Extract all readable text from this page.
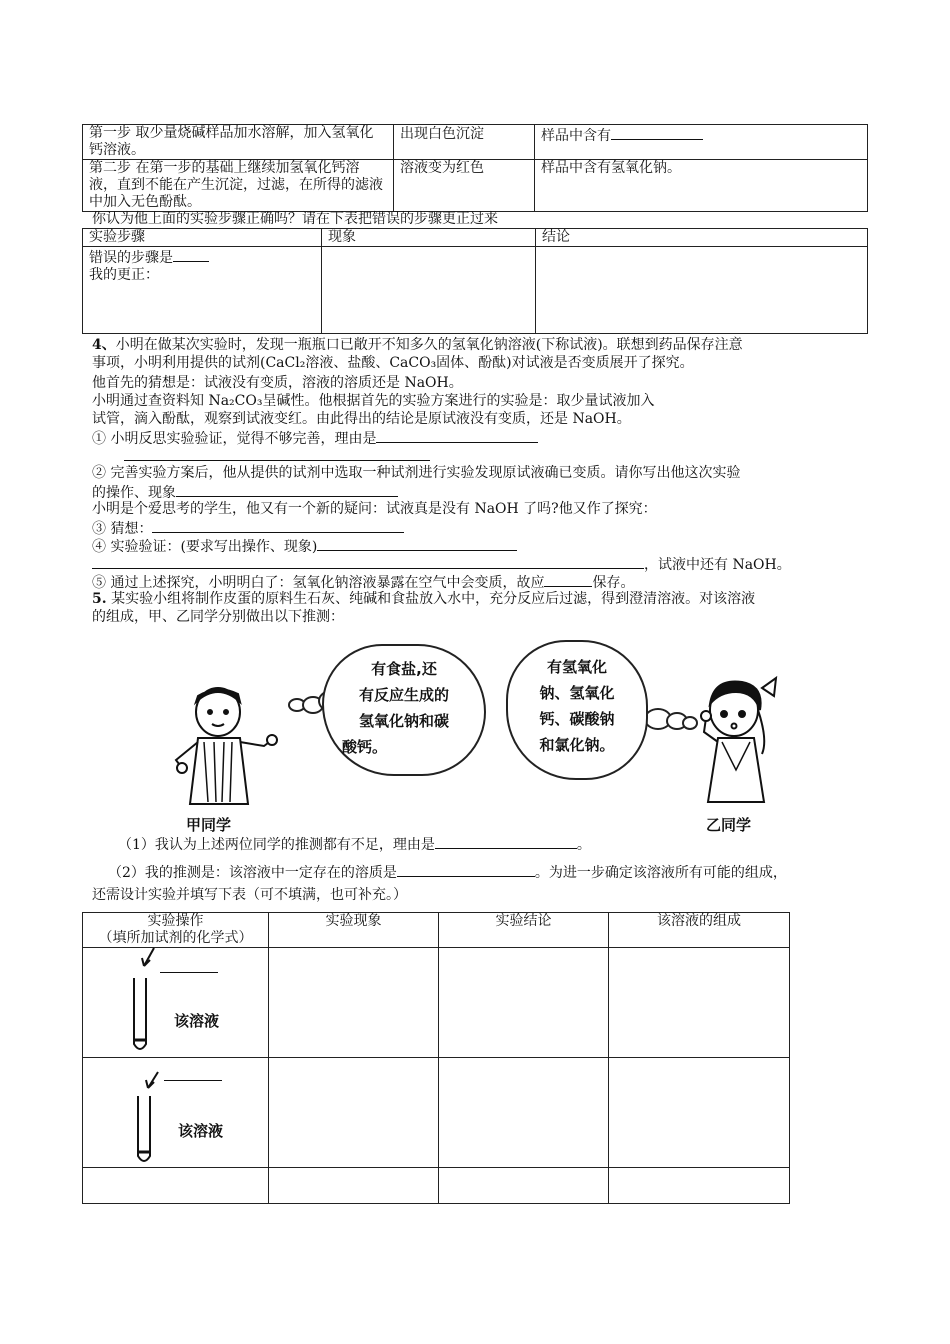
第一步 取少量烧碱样品加水溶解，加入氢氧化钙溶液。	出现白色沉淀	样品中含有
第二步 在第一步的基础上继续加氢氧化钙溶液，直到不能在产生沉淀，过滤，在所得的滤液中加入无色酚酞。	溶液变为红色	样品中含有氢氧化钠。
你认为他上面的实验步骤正确吗？请在下表把错误的步骤更正过来
实验步骤	现象	结论
错误的步骤是
我的更正：		
4、小明在做某次实验时，发现一瓶瓶口已敞开不知多久的氢氧化钠溶液(下称试液)。联想到药品保存注意
事项，小明利用提供的试剂(CaCl₂溶液、盐酸、CaCO₃固体、酚酞)对试液是否变质展开了探究。
他首先的猜想是：试液没有变质，溶液的溶质还是 NaOH。
小明通过查资料知 Na₂CO₃呈碱性。他根据首先的实验方案进行的实验是：取少量试液加入
试管，滴入酚酞，观察到试液变红。由此得出的结论是原试液没有变质，还是 NaOH。
① 小明反思实验验证，觉得不够完善，理由是
② 完善实验方案后，他从提供的试剂中选取一种试剂进行实验发现原试液确已变质。请你写出他这次实验
的操作、现象
小明是个爱思考的学生，他又有一个新的疑问：试液真是没有 NaOH 了吗?他又作了探究：
③ 猜想：
④ 实验验证：(要求写出操作、现象)
，试液中还有 NaOH。
⑤ 通过上述探究，小明明白了：氢氧化钠溶液暴露在空气中会变质，故应	保存。
5. 某实验小组将制作皮蛋的原料生石灰、纯碱和食盐放入水中，充分反应后过滤，得到澄清溶液。对该溶液
的组成，甲、乙同学分别做出以下推测：
有食盐,还
有反应生成的
氢氧化钠和碳
酸钙。
有氢氧化
钠、氢氧化
钙、碳酸钠
和氯化钠。
甲同学	乙同学
（1）我认为上述两位同学的推测都有不足，理由是	。
（2）我的推测是：该溶液中一定存在的溶质是	。为进一步确定该溶液所有可能的组成，
还需设计实验并填写下表（可不填满，也可补充。）
实验操作
（填所加试剂的化学式）	实验现象	实验结论	该溶液的组成

该溶液
该溶液
